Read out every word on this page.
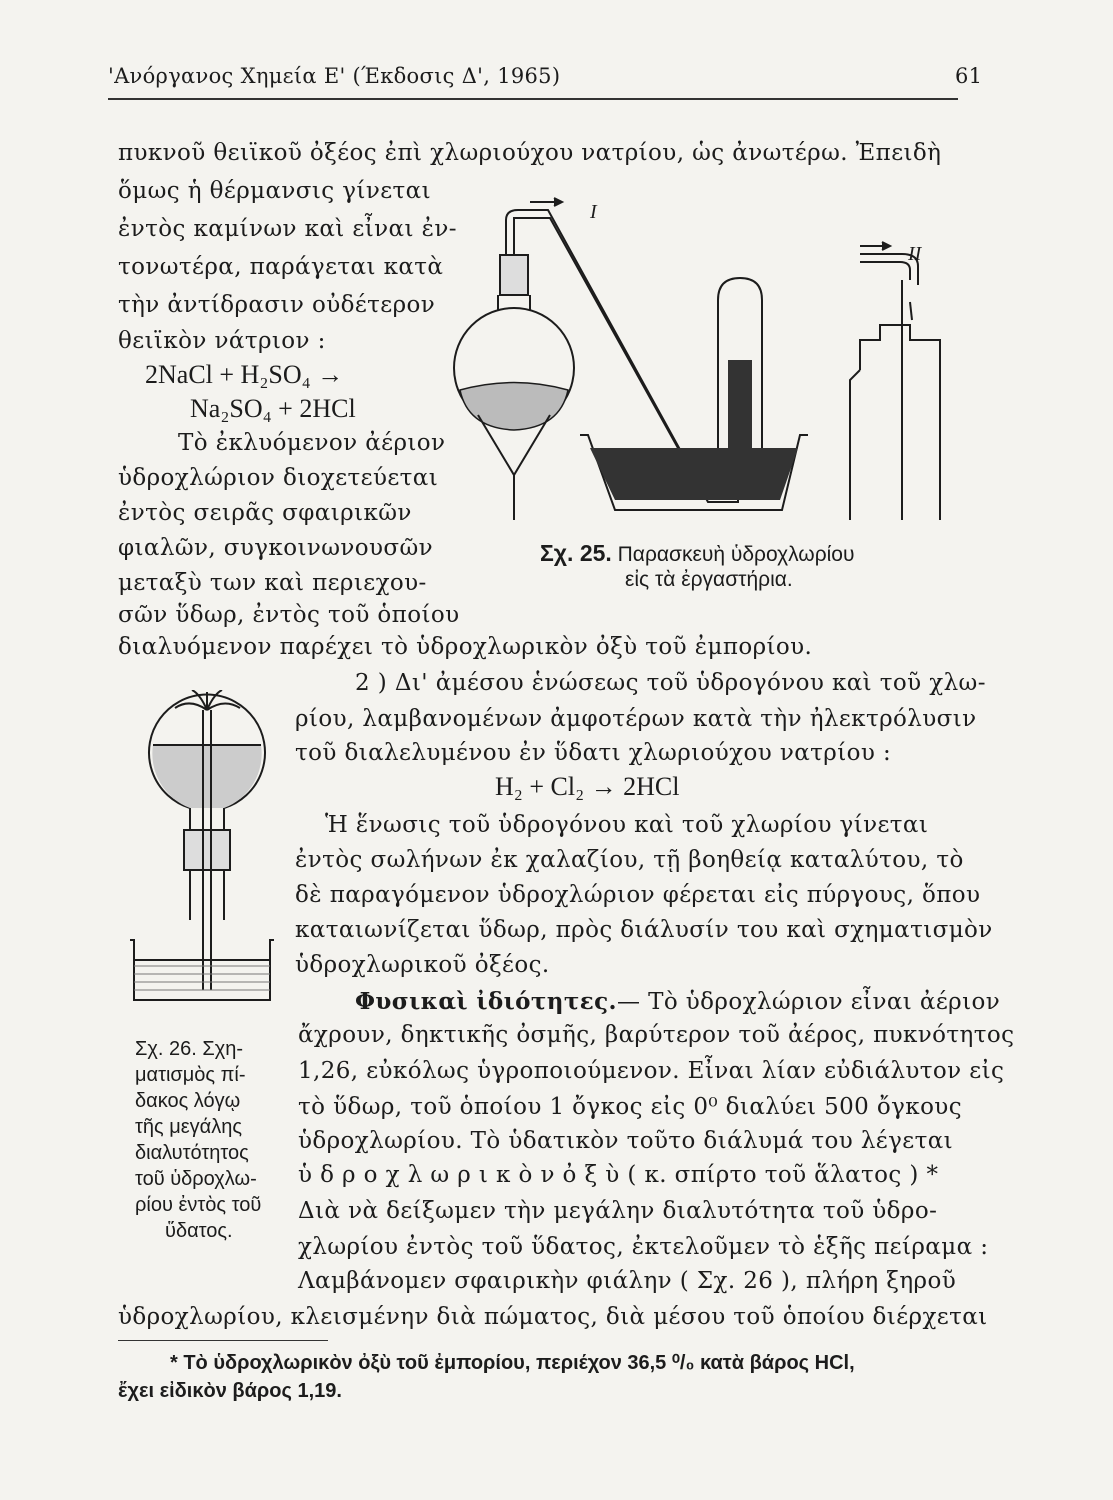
'Ανόργανος Χημεία Ε' (Έκδοσις Δ', 1965)	61
πυκνοῦ θειϊκοῦ ὀξέος ἐπὶ χλωριούχου νατρίου, ὡς ἀνωτέρω. Ἐπειδὴ
ὅμως ἡ θέρμανσις γίνεται
ἐντὸς καμίνων καὶ εἶναι ἐν-
τονωτέρα, παράγεται κατὰ
τὴν ἀντίδρασιν οὐδέτερον
θειϊκὸν νάτριον :
2NaCl + H₂SO₄ →
Na₂SO₄ + 2HCl
Τὸ ἐκλυόμενον ἀέριον
ὑδροχλώριον διοχετεύεται
ἐντὸς σειρᾶς σφαιρικῶν
φιαλῶν, συγκοινωνουσῶν
μεταξὺ των καὶ περιεχου-
σῶν ὕδωρ, ἐντὸς τοῦ ὁποίου
διαλυόμενον παρέχει τὸ ὑδροχλωρικὸν ὀξὺ τοῦ ἐμπορίου.
I
II
Σχ. 25. Παρασκευὴ ὑδροχλωρίου
εἰς τὰ ἐργαστήρια.
2 ) Δι' ἀμέσου ἑνώσεως τοῦ ὑδρογόνου καὶ τοῦ χλω-
ρίου, λαμβανομένων ἀμφοτέρων κατὰ τὴν ἠλεκτρόλυσιν
τοῦ διαλελυμένου ἐν ὕδατι χλωριούχου νατρίου :
H₂ + Cl₂ → 2HCl
Ἡ ἕνωσις τοῦ ὑδρογόνου καὶ τοῦ χλωρίου γίνεται
ἐντὸς σωλήνων ἐκ χαλαζίου, τῇ βοηθείᾳ καταλύτου, τὸ
δὲ παραγόμενον ὑδροχλώριον φέρεται εἰς πύργους, ὅπου
καταιωνίζεται ὕδωρ, πρὸς διάλυσίν του καὶ σχηματισμὸν
ὑδροχλωρικοῦ ὀξέος.
Σχ. 26. Σχη-
ματισμὸς πί-
δακος λόγῳ
τῆς μεγάλης
διαλυτότητος
τοῦ ὑδροχλω-
ρίου ἐντὸς τοῦ
ὕδατος.
Φυσικαὶ ἰδιότητες.— Τὸ ὑδροχλώριον εἶναι ἀέριον
ἄχρουν, δηκτικῆς ὀσμῆς, βαρύτερον τοῦ ἀέρος, πυκνότητος
1,26, εὐκόλως ὑγροποιούμενον. Εἶναι λίαν εὐδιάλυτον εἰς
τὸ ὕδωρ, τοῦ ὁποίου 1 ὄγκος εἰς 0⁰ διαλύει 500 ὄγκους
ὑδροχλωρίου. Τὸ ὑδατικὸν τοῦτο διάλυμά του λέγεται
ὑ δ ρ ο χ λ ω ρ ι κ ὸ ν ὀ ξ ὺ ( κ. σπίρτο τοῦ ἅλατος ) *
Διὰ νὰ δείξωμεν τὴν μεγάλην διαλυτότητα τοῦ ὑδρο-
χλωρίου ἐντὸς τοῦ ὕδατος, ἐκτελοῦμεν τὸ ἑξῆς πείραμα :
Λαμβάνομεν σφαιρικὴν φιάλην ( Σχ. 26 ), πλήρη ξηροῦ
ὑδροχλωρίου, κλεισμένην διὰ πώματος, διὰ μέσου τοῦ ὁποίου διέρχεται
* Τὸ ὑδροχλωρικὸν ὀξὺ τοῦ ἐμπορίου, περιέχον 36,5 ⁰/₀ κατὰ βάρος HCl,
ἔχει εἰδικὸν βάρος 1,19.
